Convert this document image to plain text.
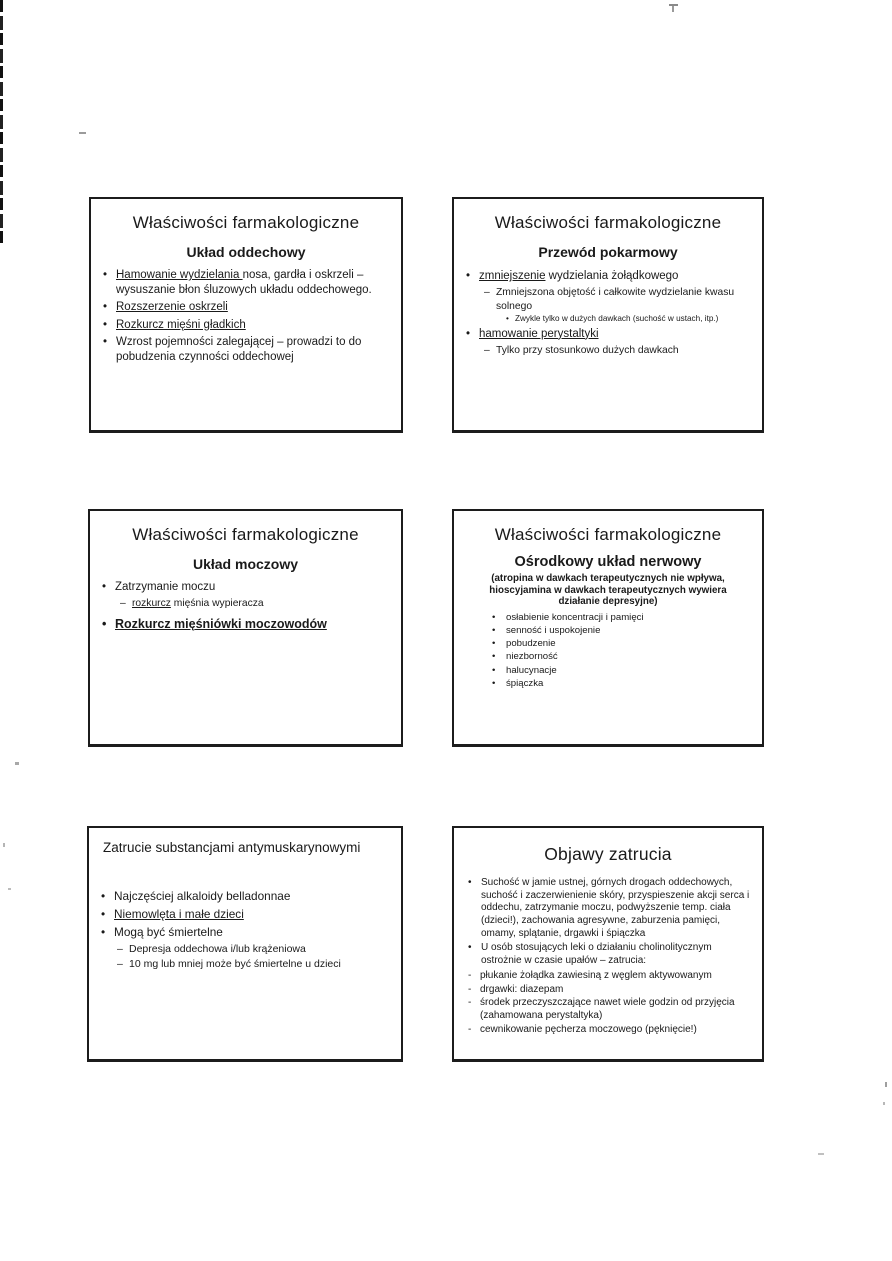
Właściwości farmakologiczne
Układ oddechowy
• Hamowanie wydzielania nosa, gardła i oskrzeli – wysuszanie błon śluzowych układu oddechowego.
• Rozszerzenie oskrzeli
• Rozkurcz mięśni gładkich
• Wzrost pojemności zalegającej – prowadzi to do pobudzenia czynności oddechowej
Właściwości farmakologiczne
Przewód pokarmowy
• zmniejszenie wydzielania żołądkowego
– Zmniejszona objętość i całkowite wydzielanie kwasu solnego
• Zwykle tylko w dużych dawkach (suchość w ustach, itp.)
• hamowanie perystaltyki
– Tylko przy stosunkowo dużych dawkach
Właściwości farmakologiczne
Układ moczowy
• Zatrzymanie moczu
– rozkurcz mięśnia wypieracza
• Rozkurcz mięśniówki moczowodów
Właściwości farmakologiczne
Ośrodkowy układ nerwowy
(atropina w dawkach terapeutycznych nie wpływa, hioscyjamina w dawkach terapeutycznych wywiera działanie depresyjne)
•	osłabienie koncentracji i pamięci
•	senność i uspokojenie
•	pobudzenie
•	niezborność
•	halucynacje
•	śpiączka
Zatrucie substancjami antymuskarynowymi
• Najczęściej alkaloidy belladonnae
• Niemowlęta i małe dzieci
• Mogą być śmiertelne
– Depresja oddechowa i/lub krążeniowa
– 10 mg lub mniej może być śmiertelne u dzieci
Objawy zatrucia
• Suchość w jamie ustnej, górnych drogach oddechowych, suchość i zaczerwienienie skóry, przyspieszenie akcji serca i oddechu, zatrzymanie moczu, podwyższenie temp. ciała (dzieci!), zachowania agresywne, zaburzenia pamięci, omamy, splątanie, drgawki i śpiączka
• U osób stosujących leki o działaniu cholinolitycznym ostrożnie w czasie upałów – zatrucia:
- płukanie żołądka zawiesiną z węglem aktywowanym
- drgawki: diazepam
- środek przeczyszczające nawet wiele godzin od przyjęcia (zahamowana perystaltyka)
- cewnikowanie pęcherza moczowego (pęknięcie!)
